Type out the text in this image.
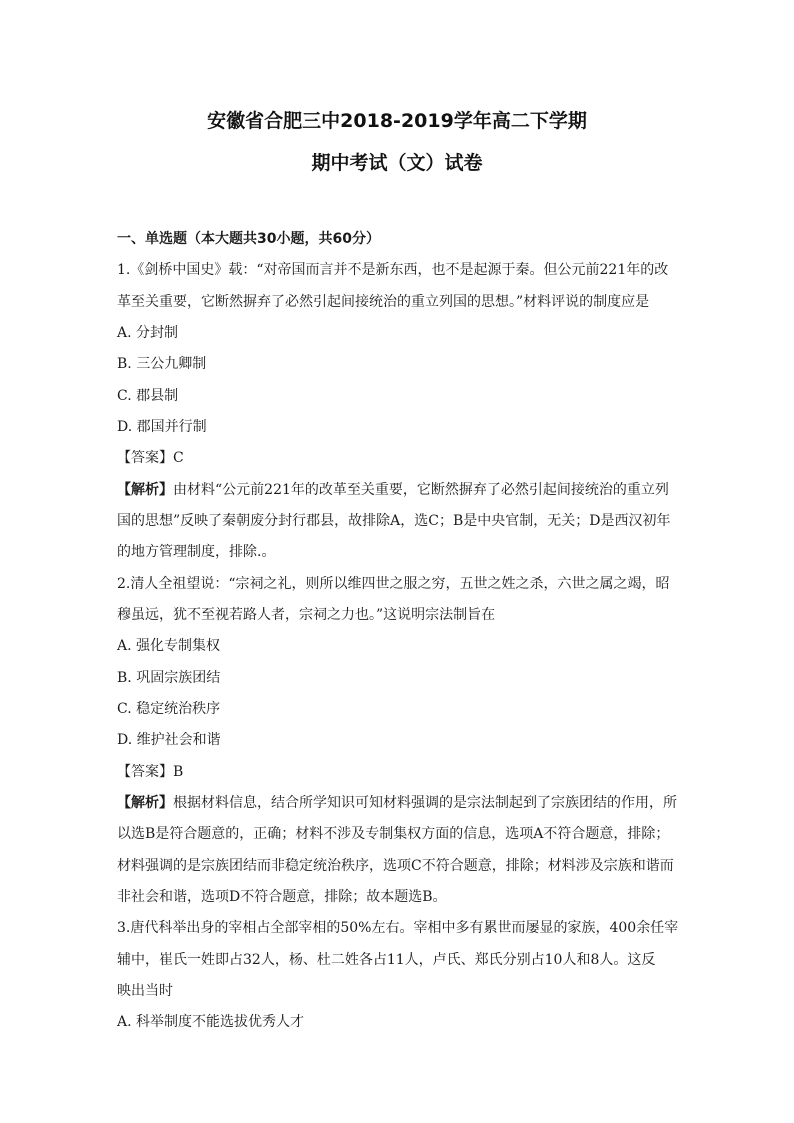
安徽省合肥三中2018-2019学年高二下学期
期中考试（文）试卷
一、单选题（本大题共30小题，共60分）
1.《剑桥中国史》载：“对帝国而言并不是新东西，也不是起源于秦。但公元前221年的改
革至关重要，它断然摒弃了必然引起间接统治的重立列国的思想。”材料评说的制度应是
A. 分封制
B. 三公九卿制
C. 郡县制
D. 郡国并行制
【答案】C
【解析】由材料“公元前221年的改革至关重要，它断然摒弃了必然引起间接统治的重立列
国的思想”反映了秦朝废分封行郡县，故排除A，选C；B是中央官制，无关；D是西汉初年
的地方管理制度，排除.。
2.清人全祖望说：“宗祠之礼，则所以维四世之服之穷，五世之姓之杀，六世之属之竭，昭
穆虽远，犹不至视若路人者，宗祠之力也。”这说明宗法制旨在
A. 强化专制集权
B. 巩固宗族团结
C. 稳定统治秩序
D. 维护社会和谐
【答案】B
【解析】根据材料信息，结合所学知识可知材料强调的是宗法制起到了宗族团结的作用，所
以选B是符合题意的，正确；材料不涉及专制集权方面的信息，选项A不符合题意，排除；
材料强调的是宗族团结而非稳定统治秩序，选项C不符合题意，排除；材料涉及宗族和谐而
非社会和谐，选项D不符合题意，排除；故本题选B。
3.唐代科举出身的宰相占全部宰相的50%左右。宰相中多有累世而屡显的家族，400余任宰
辅中，崔氏一姓即占32人，杨、杜二姓各占11人，卢氏、郑氏分别占10人和8人。这反
映出当时
A. 科举制度不能选拔优秀人才
